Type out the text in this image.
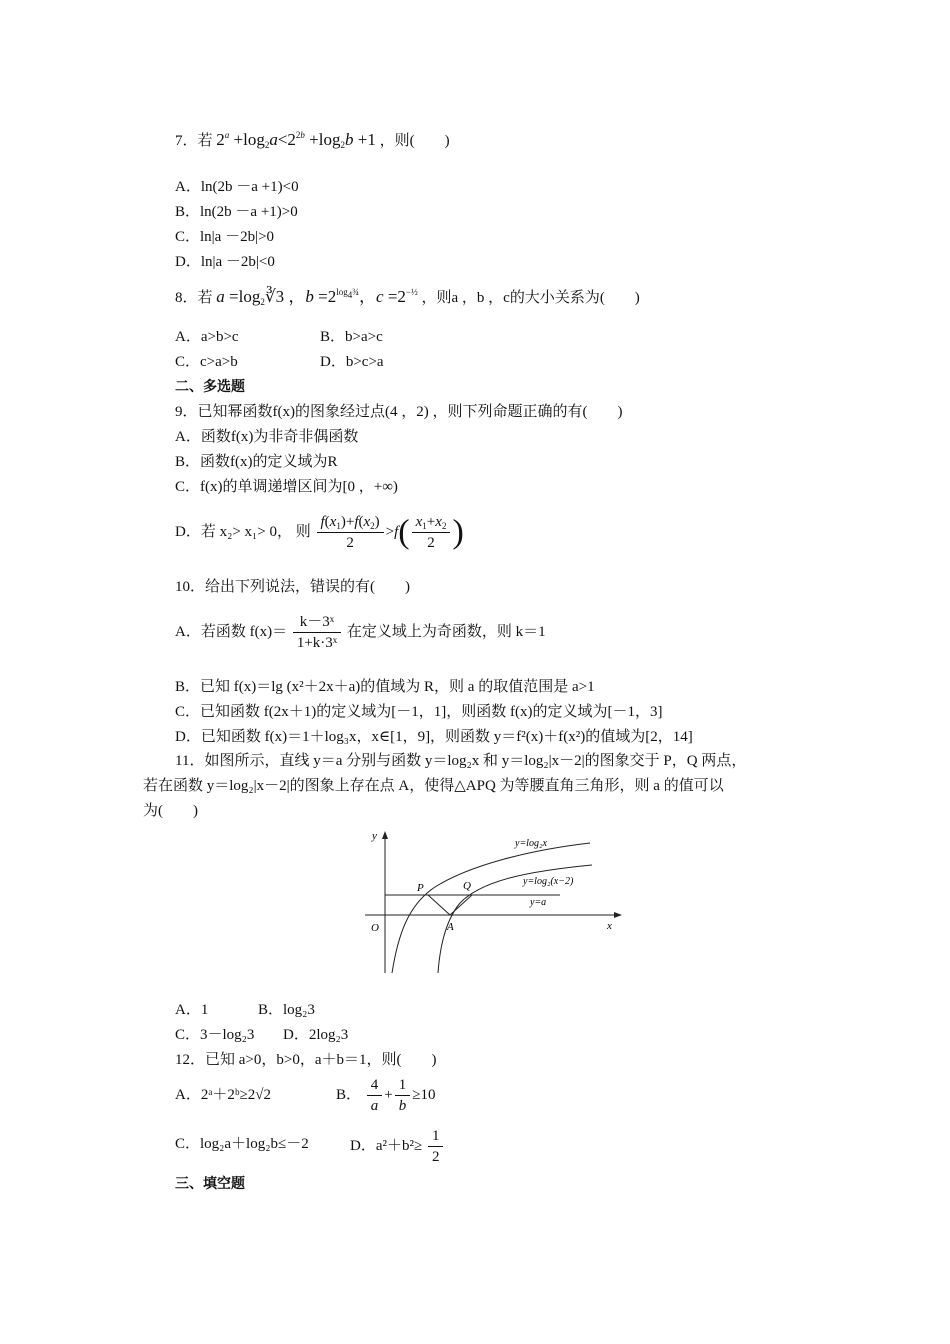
7．若 $2^a +\log_2a<2^{2b} +\log_2b +1$ ，则(　　)
A．ln(2b －a +1)<0
B．ln(2b －a +1)>0
C．ln|a －2b|>0
D．ln|a －2b|<0
8．若 $a =\log_2∛3$ ，$b =2^{log_4\frac{3}{4}}$，$c =2^{-\frac{1}{2}}$ ，则a ，b ，c的大小关系为(　　)
A．a>b>c	B．b>a>c
C．c>a>b	D．b>c>a
二、多选题
9．已知幂函数f(x)的图象经过点(4 ，2) ，则下列命题正确的有(　　)
A．函数f(x)为非奇非偶函数
B．函数f(x)的定义域为R
C．f(x)的单调递增区间为[0 ，+∞)
D．若 x₂> x₁> 0， 则 $\frac{f(x_1)+f(x_2)}{2} >f( \frac{x_1+x_2}{2}$ )
10．给出下列说法，错误的有(　　)
A．若函数 $f(x)= \frac{\text{k－3ˣ}}{\text{1+k·3ˣ}}$ 在定义域上为奇函数，则 k＝1
B．已知 f(x)＝lg (x²＋2x＋a)的值域为 R，则 a 的取值范围是 a>1
C．已知函数 f(2x＋1)的定义域为[－1，1]，则函数 f(x)的定义域为[－1，3]
D．已知函数 f(x)＝1＋log₃x，x∈[1，9]，则函数 y＝f²(x)＋f(x²)的值域为[2，14]
11．如图所示，直线 y＝a 分别与函数 y＝log₂x 和 y＝log₂|x－2|的图象交于 P，Q 两点，
若在函数 y＝log₂|x－2|的图象上存在点 A，使得△APQ 为等腰直角三角形，则 a 的值可以
为(　　)
y
x
O
P	Q
A
y=log₂x
y=log₂(x−2)
y=a
A．1	B．log₂3
C．3－log₂3 D．2log₂3
12．已知 a>0，b>0，a＋b＝1，则(　　)
A．2ᵃ＋2ᵇ≥2√2	B． $\frac{4}{a} + \frac{1}{b} \ge 10$
C．log₂a＋log₂b≤－2	D．$a^2+b^2\ge \frac{1}{2}$
三、填空题
